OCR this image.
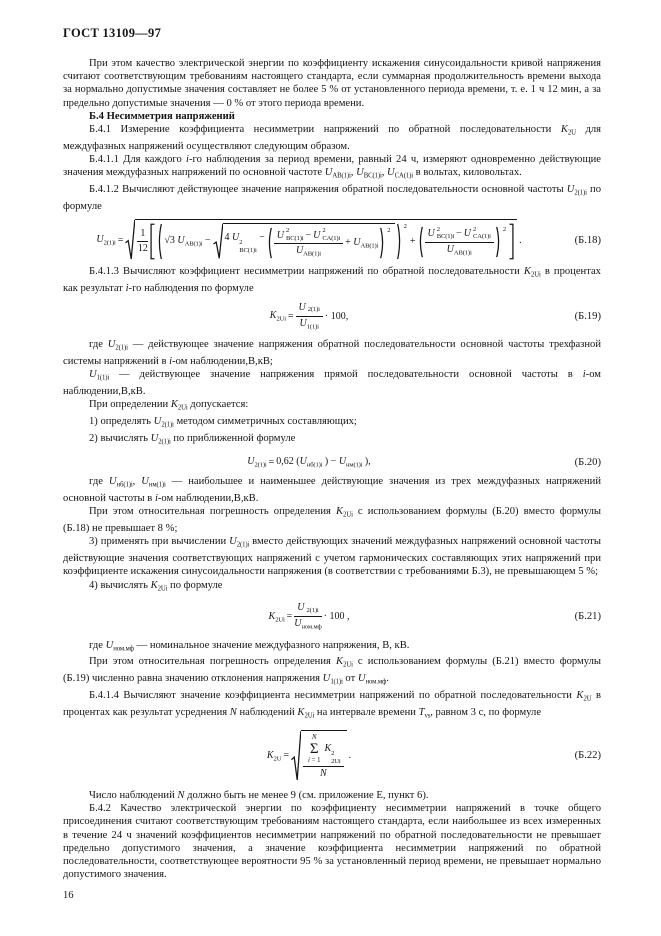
ГОСТ 13109—97

При этом качество электрической энергии по коэффициенту искажения синусоидальности кривой напряжения считают соответствующим требованиям настоящего стандарта, если суммарная продолжительность времени выхода за нормально допустимые значения составляет не более 5 % от установленного периода времени, т. е. 1 ч 12 мин, а за предельно допустимые значения — 0 % от этого периода времени.

Б.4 Несимметрия напряжений

Б.4.1 Измерение коэффициента несимметрии напряжений по обратной последовательности $K_{2U}$ для междуфазных напряжений осуществляют следующим образом.

Б.4.1.1 Для каждого i-го наблюдения за период времени, равный 24 ч, измеряют одновременно действующие значения междуфазных напряжений по основной частоте $U_{AB(1)i}$, $U_{BC(1)i}$, $U_{CA(1)i}$ в вольтах, киловольтах.

Б.4.1.2 Вычисляют действующее значение напряжения обратной последовательности основной частоты $U_{2(1)i}$ по формуле

$U_{2(1)i} = \frac{1}{12} √3$ $U_{AB(1)i} - 4$ U 2
BC(1)i
− U 2
BC(1)i − U 2
CA(1)i
$U_{AB(1)i} + U_{AB(1)i}$
2
2
+ U 2
BC(1)i − U 2
CA(1)i
$U_{AB(1)i}$ 2
.	(Б.18)

Б.4.1.3 Вычисляют коэффициент несимметрии напряжений по обратной последовательности $K_{2Ui}$ в процентах как результат i-го наблюдения по формуле

$K_{2Ui} = \frac{U _{2(1)i}}{U_{1(1)i}} \cdot 100$,	(Б.19)

где $U_{2(1)i}$ — действующее значение напряжения обратной последовательности основной частоты трехфазной системы напряжений в i-ом наблюдении,В,кВ;

$U_{1(1)i}$ — действующее значение напряжения прямой последовательности основной частоты в i-ом наблюдении,В,кВ.

При определении $K_{2Ui}$ допускается:

1) определять $U_{2(1)i}$ методом симметричных составляющих;

2) вычислять $U_{2(1)i}$ по приближенной формуле

$U_{2(1)i} = 0,62$ ($U_{нб(1)i}$ ) − $U_{нм(1)i}$ ),	(Б.20)

где $U_{нб(1)i}$, $U_{нм(1)i}$ — наибольшее и наименьшее действующие значения из трех междуфазных напряжений основной частоты в i-ом наблюдении,В,кВ.

При этом относительная погрешность определения $K_{2Ui}$ с использованием формулы (Б.20) вместо формулы (Б.18) не превышает 8 %;

3) применять при вычислении $U_{2(1)i}$ вместо действующих значений междуфазных напряжений основной частоты действующие значения соответствующих напряжений с учетом гармонических составляющих этих напряжений при коэффициенте искажения синусоидальности напряжения (в соответствии с требованиями Б.3), не превышающем 5 %;

4) вычислять $K_{2Ui}$ по формуле

$K_{2Ui} = \frac{U _{2(1)i}}{U_{ном.мф}} \cdot 100$ ,	(Б.21)

где $U_{ном.мф}$ — номинальное значение междуфазного напряжения, В, кВ.

При этом относительная погрешность определения $K_{2Ui}$ с использованием формулы (Б.21) вместо формулы (Б.19) численно равна значению отклонения напряжения $U_{1(1)i}$ от $U_{ном.мф}$.

Б.4.1.4 Вычисляют значение коэффициента несимметрии напряжений по обратной последовательности $K_{2U}$ в процентах как результат усреднения N наблюдений $K_{2Ui}$ на интервале времени $T_{vs}$, равном 3 с, по формуле

$K_{2U}$ =
N
Σ
i = 1
K 2
2Ui
N
.	(Б.22)

Число наблюдений N должно быть не менее 9 (см. приложение Е, пункт 6).

Б.4.2 Качество электрической энергии по коэффициенту несимметрии напряжений в точке общего присоединения считают соответствующим требованиям настоящего стандарта, если наибольшее из всех измеренных в течение 24 ч значений коэффициентов несимметрии напряжений по обратной последовательности не превышает предельно допустимого значения, а значение коэффициента несимметрии напряжений по обратной последовательности, соответствующее вероятности 95 % за установленный период времени, не превышает нормально допустимого значения.

16
